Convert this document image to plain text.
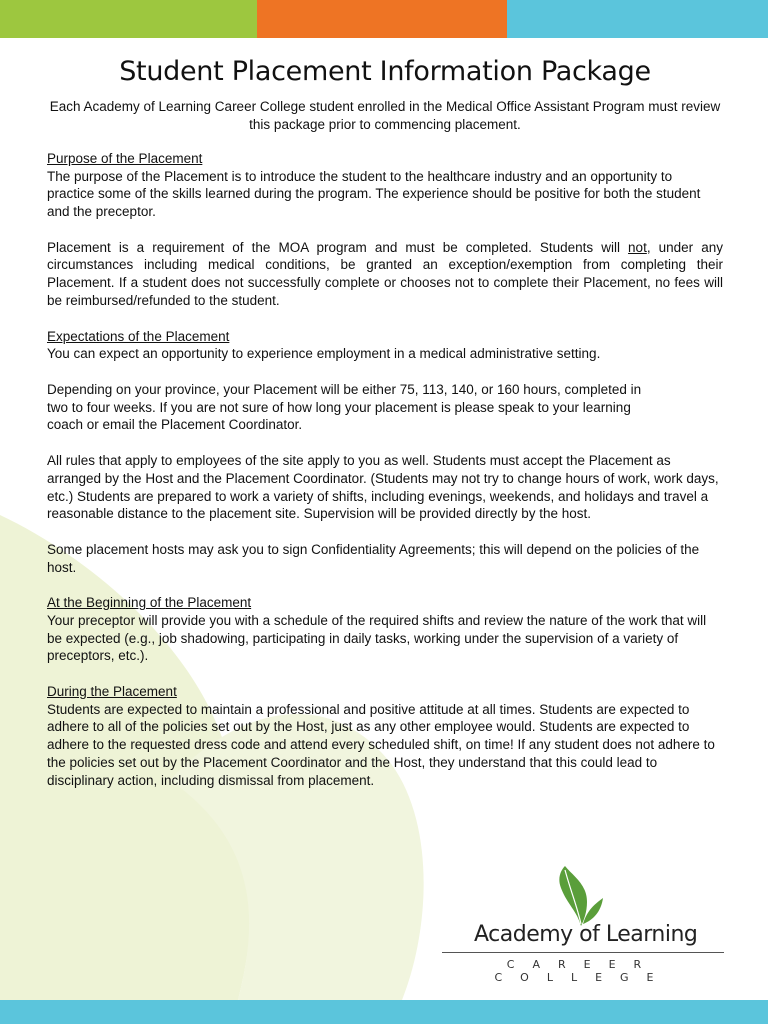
Student Placement Information Package
Each Academy of Learning Career College student enrolled in the Medical Office Assistant Program must review this package prior to commencing placement.
Purpose of the Placement

The purpose of the Placement is to introduce the student to the healthcare industry and an opportunity to practice some of the skills learned during the program. The experience should be positive for both the student and the preceptor.

Placement is a requirement of the MOA program and must be completed. Students will not, under any circumstances including medical conditions, be granted an exception/exemption from completing their Placement. If a student does not successfully complete or chooses not to complete their Placement, no fees will be reimbursed/refunded to the student.

Expectations of the Placement

You can expect an opportunity to experience employment in a medical administrative setting.

Depending on your province, your Placement will be either 75, 113, 140, or 160 hours, completed in two to four weeks. If you are not sure of how long your placement is please speak to your learning coach or email the Placement Coordinator.

All rules that apply to employees of the site apply to you as well. Students must accept the Placement as arranged by the Host and the Placement Coordinator. (Students may not try to change hours of work, work days, etc.) Students are prepared to work a variety of shifts, including evenings, weekends, and holidays and travel a reasonable distance to the placement site. Supervision will be provided directly by the host.

Some placement hosts may ask you to sign Confidentiality Agreements; this will depend on the policies of the host.

At the Beginning of the Placement

Your preceptor will provide you with a schedule of the required shifts and review the nature of the work that will be expected (e.g., job shadowing, participating in daily tasks, working under the supervision of a variety of preceptors, etc.).

During the Placement

Students are expected to maintain a professional and positive attitude at all times. Students are expected to adhere to all of the policies set out by the Host, just as any other employee would. Students are expected to adhere to the requested dress code and attend every scheduled shift, on time! If any student does not adhere to the policies set out by the Placement Coordinator and the Host, they understand that this could lead to disciplinary action, including dismissal from placement.

Academy of Learning
CAREER COLLEGE
